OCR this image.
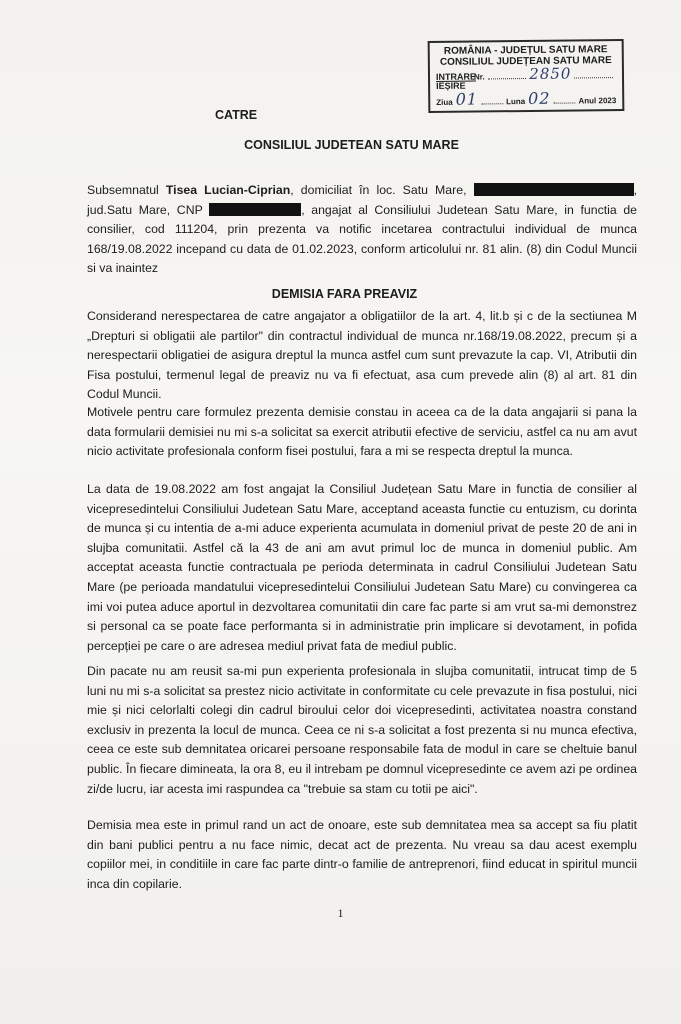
ROMÂNIA - JUDEȚUL SATU MARE
CONSILIUL JUDEȚEAN SATU MARE
INTRARE
IEȘIRE
Nr.	2850
Ziua 01	Luna 02	Anul 2023
CATRE
CONSILIUL JUDETEAN SATU MARE
Subsemnatul Tisea Lucian-Ciprian, domiciliat în loc. Satu Mare,	, jud.Satu Mare, CNP	, angajat al Consiliului Judetean Satu Mare, in functia de consilier, cod 111204, prin prezenta va notific incetarea contractului individual de munca 168/19.08.2022 incepand cu data de 01.02.2023, conform articolului nr. 81 alin. (8) din Codul Muncii si va inaintez
DEMISIA FARA PREAVIZ
Considerand nerespectarea de catre angajator a obligatiilor de la art. 4, lit.b și c de la sectiunea M „Drepturi si obligatii ale partilor" din contractul individual de munca nr.168/19.08.2022, precum și a nerespectarii obligatiei de asigura dreptul la munca astfel cum sunt prevazute la cap. VI, Atributii din Fisa postului, termenul legal de preaviz nu va fi efectuat, asa cum prevede alin (8) al art. 81 din Codul Muncii.
Motivele pentru care formulez prezenta demisie constau in aceea ca de la data angajarii si pana la data formularii demisiei nu mi s-a solicitat sa exercit atributii efective de serviciu, astfel ca nu am avut nicio activitate profesionala conform fisei postului, fara a mi se respecta dreptul la munca.
La data de 19.08.2022 am fost angajat la Consiliul Județean Satu Mare in functia de consilier al vicepresedintelui Consiliului Judetean Satu Mare, acceptand aceasta functie cu entuzism, cu dorinta de munca și cu intentia de a-mi aduce experienta acumulata in domeniul privat de peste 20 de ani in slujba comunitatii. Astfel că la 43 de ani am avut primul loc de munca in domeniul public. Am acceptat aceasta functie contractuala pe perioda determinata in cadrul Consiliului Judetean Satu Mare (pe perioada mandatului vicepresedintelui Consiliului Judetean Satu Mare) cu convingerea ca imi voi putea aduce aportul in dezvoltarea comunitatii din care fac parte si am vrut sa-mi demonstrez si personal ca se poate face performanta si in administratie prin implicare si devotament, in pofida percepției pe care o are adresea mediul privat fata de mediul public.
Din pacate nu am reusit sa-mi pun experienta profesionala in slujba comunitatii, intrucat timp de 5 luni nu mi s-a solicitat sa prestez nicio activitate in conformitate cu cele prevazute in fisa postului, nici mie și nici celorlalti colegi din cadrul biroului celor doi vicepresedinti, activitatea noastra constand exclusiv in prezenta la locul de munca. Ceea ce ni s-a solicitat a fost prezenta si nu munca efectiva, ceea ce este sub demnitatea oricarei persoane responsabile fata de modul in care se cheltuie banul public. În fiecare dimineata, la ora 8, eu il intrebam pe domnul vicepresedinte ce avem azi pe ordinea zi/de lucru, iar acesta imi raspundea ca "trebuie sa stam cu totii pe aici".
Demisia mea este in primul rand un act de onoare, este sub demnitatea mea sa accept sa fiu platit din bani publici pentru a nu face nimic, decat act de prezenta. Nu vreau sa dau acest exemplu copiilor mei, in conditiile in care fac parte dintr-o familie de antreprenori, fiind educat in spiritul muncii inca din copilarie.
1
